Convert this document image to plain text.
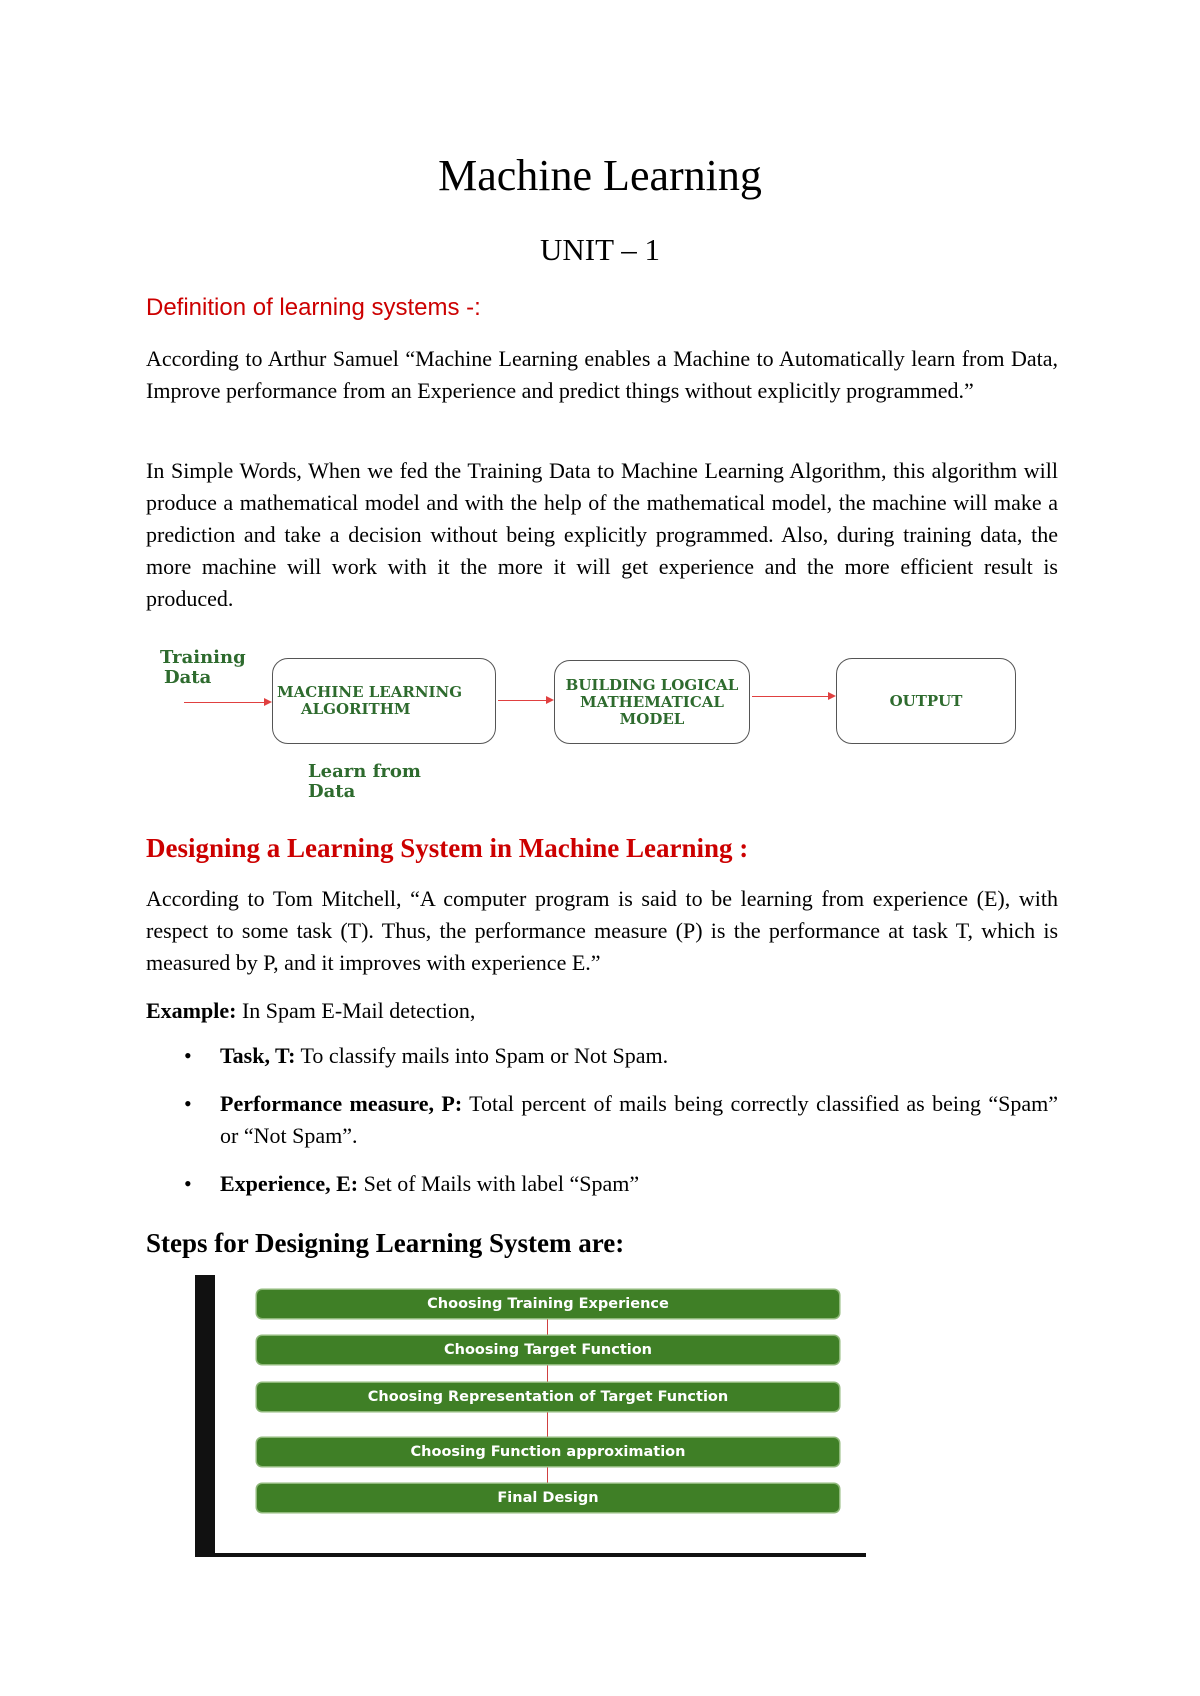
Machine Learning
UNIT – 1
Definition of learning systems -:
According to Arthur Samuel “Machine Learning enables a Machine to Automatically learn from Data, Improve performance from an Experience and predict things without explicitly programmed.”
In Simple Words, When we fed the Training Data to Machine Learning Algorithm, this algorithm will produce a mathematical model and with the help of the mathematical model, the machine will make a prediction and take a decision without being explicitly programmed. Also, during training data, the more machine will work with it the more it will get experience and the more efficient result is produced.
Training
Data
MACHINE LEARNING
ALGORITHM
BUILDING LOGICAL
MATHEMATICAL
MODEL
OUTPUT
Learn from
Data
Designing a Learning System in Machine Learning :
According to Tom Mitchell, “A computer program is said to be learning from experience (E), with respect to some task (T). Thus, the performance measure (P) is the performance at task T, which is measured by P, and it improves with experience E.”
Example: In Spam E-Mail detection,
• Task, T: To classify mails into Spam or Not Spam.
• Performance measure, P: Total percent of mails being correctly classified as being “Spam” or “Not Spam”.
• Experience, E: Set of Mails with label “Spam”
Steps for Designing Learning System are:
Choosing Training Experience
Choosing Target Function
Choosing Representation of Target Function
Choosing Function approximation
Final Design
